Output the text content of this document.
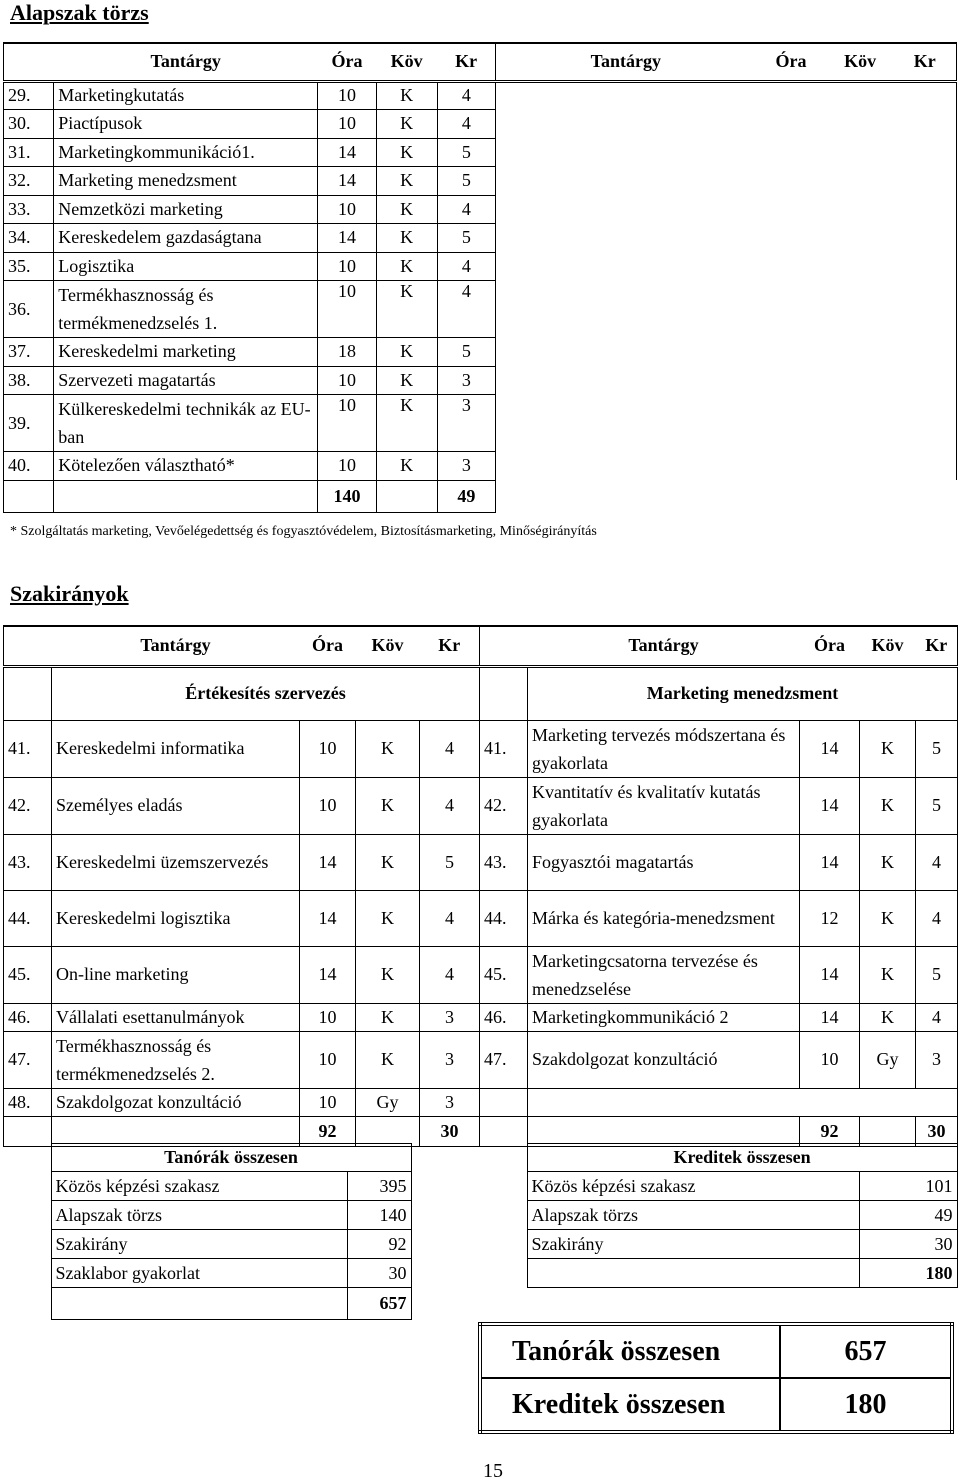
Alapszak törzs
	Tantárgy	Óra	Köv	Kr	Tantárgy	Óra	Köv	Kr
29.	Marketingkutatás	10	K	4				
30.	Piactípusok	10	K	4				
31.	Marketingkommunikáció1.	14	K	5				
32.	Marketing menedzsment	14	K	5				
33.	Nemzetközi marketing	10	K	4				
34.	Kereskedelem gazdaságtana	14	K	5				
35.	Logisztika	10	K	4				
36.	Termékhasznosság és termékmenedzselés 1.	10	K	4				
37.	Kereskedelmi marketing	18	K	5				
38.	Szervezeti magatartás	10	K	3				
39.	Külkereskedelmi technikák az EU-ban	10	K	3				
40.	Kötelezően választható*	10	K	3				
		140		49				
* Szolgáltatás marketing, Vevőelégedettség és fogyasztóvédelem, Biztosításmarketing, Minőségirányítás
Szakirányok
	Tantárgy	Óra	Köv	Kr		Tantárgy	Óra	Köv	Kr
	Értékesítés szervezés					Marketing menedzsment			
41.	Kereskedelmi informatika	10	K	4	41.	Marketing tervezés módszertana és gyakorlata	14	K	5
42.	Személyes eladás	10	K	4	42.	Kvantitatív és kvalitatív kutatás gyakorlata	14	K	5
43.	Kereskedelmi üzemszervezés	14	K	5	43.	Fogyasztói magatartás	14	K	4
44.	Kereskedelmi logisztika	14	K	4	44.	Márka és kategória-menedzsment	12	K	4
45.	On-line marketing	14	K	4	45.	Marketingcsatorna tervezése és menedzselése	14	K	5
46.	Vállalati esettanulmányok	10	K	3	46.	Marketingkommunikáció 2	14	K	4
47.	Termékhasznosság és termékmenedzselés 2.	10	K	3	47.	Szakdolgozat konzultáció	10	Gy	3
48.	Szakdolgozat konzultáció	10	Gy	3					
		92		30			92		30
	Tanórák összesen				Kreditek összesen	
	Közös képzési szakasz	395			Közös képzési szakasz	101
	Alapszak törzs	140			Alapszak törzs	49
	Szakirány	92			Szakirány	30
	Szaklabor gyakorlat	30				180
		657				
Tanórák összesen	657
Kreditek összesen	180
15
